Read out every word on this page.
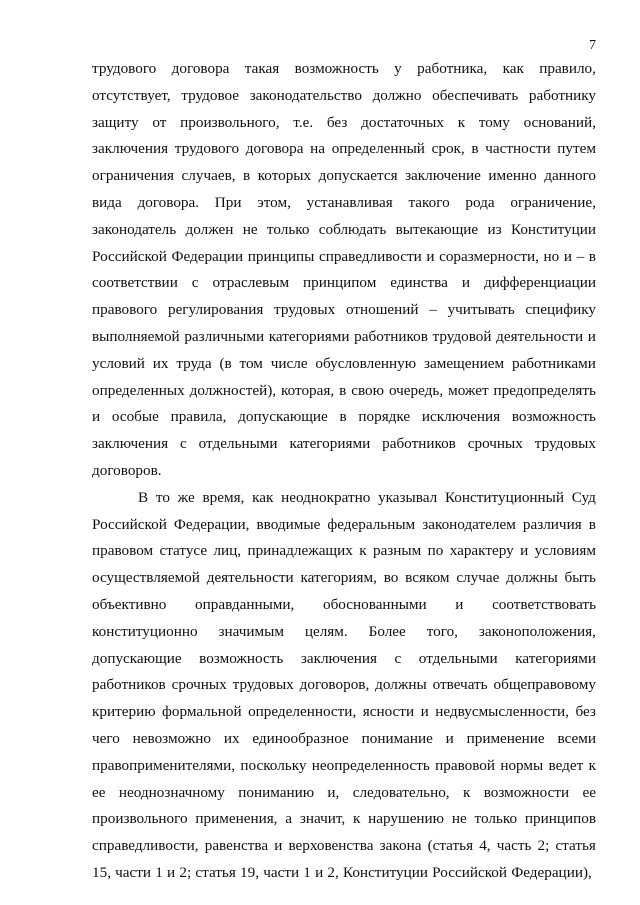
7
трудового договора такая возможность у работника, как правило,
отсутствует, трудовое законодательство должно обеспечивать работнику
защиту от произвольного, т.е. без достаточных к тому оснований,
заключения трудового договора на определенный срок, в частности путем
ограничения случаев, в которых допускается заключение именно данного
вида договора. При этом, устанавливая такого рода ограничение,
законодатель должен не только соблюдать вытекающие из Конституции
Российской Федерации принципы справедливости и соразмерности, но и – в
соответствии с отраслевым принципом единства и дифференциации
правового регулирования трудовых отношений – учитывать специфику
выполняемой различными категориями работников трудовой деятельности и
условий их труда (в том числе обусловленную замещением работниками
определенных должностей), которая, в свою очередь, может предопределять
и особые правила, допускающие в порядке исключения возможность
заключения с отдельными категориями работников срочных трудовых
договоров.
В то же время, как неоднократно указывал Конституционный Суд
Российской Федерации, вводимые федеральным законодателем различия в
правовом статусе лиц, принадлежащих к разным по характеру и условиям
осуществляемой деятельности категориям, во всяком случае должны быть
объективно оправданными, обоснованными и соответствовать
конституционно значимым целям. Более того, законоположения,
допускающие возможность заключения с отдельными категориями
работников срочных трудовых договоров, должны отвечать общеправовому
критерию формальной определенности, ясности и недвусмысленности, без
чего невозможно их единообразное понимание и применение всеми
правоприменителями, поскольку неопределенность правовой нормы ведет к
ее неоднозначному пониманию и, следовательно, к возможности ее
произвольного применения, а значит, к нарушению не только принципов
справедливости, равенства и верховенства закона (статья 4, часть 2; статья
15, части 1 и 2; статья 19, части 1 и 2, Конституции Российской Федерации),
